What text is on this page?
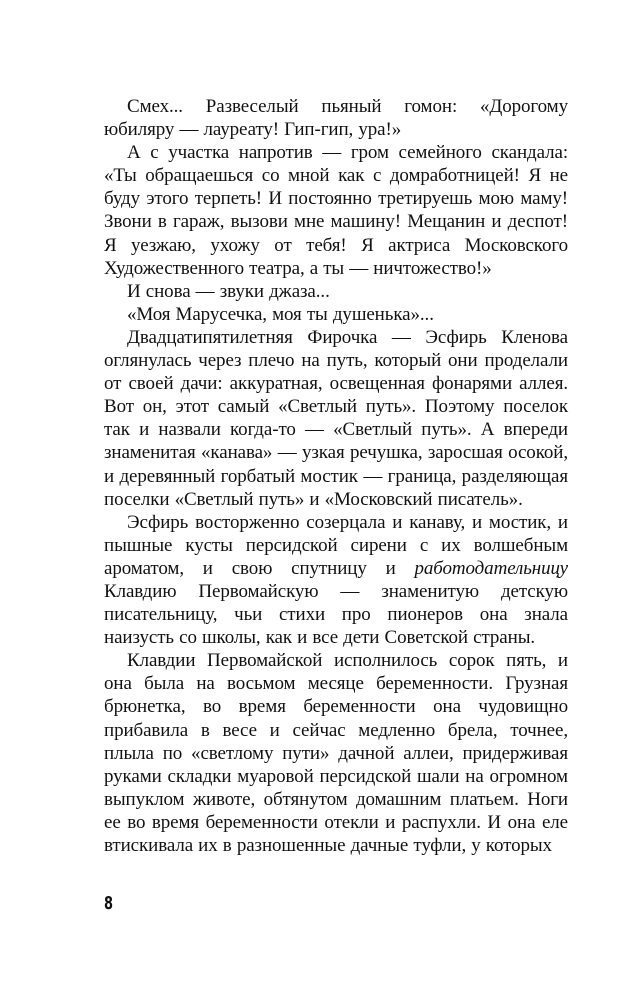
Смех... Развеселый пьяный гомон: «Дорогому юбиляру — лауреату! Гип-гип, ура!»

А с участка напротив — гром семейного скандала: «Ты обращаешься со мной как с домработницей! Я не буду этого терпеть! И постоянно третируешь мою маму! Звони в гараж, вызови мне машину! Мещанин и деспот! Я уезжаю, ухожу от тебя! Я актриса Московского Художественного театра, а ты — ничтожество!»

И снова — звуки джаза...

«Моя Марусечка, моя ты душенька»...

Двадцатипятилетняя Фирочка — Эсфирь Кленова оглянулась через плечо на путь, который они проделали от своей дачи: аккуратная, освещенная фонарями аллея. Вот он, этот самый «Светлый путь». Поэтому поселок так и назвали когда-то — «Светлый путь». А впереди знаменитая «канава» — узкая речушка, заросшая осокой, и деревянный горбатый мостик — граница, разделяющая поселки «Светлый путь» и «Московский писатель».

Эсфирь восторженно созерцала и канаву, и мостик, и пышные кусты персидской сирени с их волшебным ароматом, и свою спутницу и работодательницу Клавдию Первомайскую — знаменитую детскую писательницу, чьи стихи про пионеров она знала наизусть со школы, как и все дети Советской страны.

Клавдии Первомайской исполнилось сорок пять, и она была на восьмом месяце беременности. Грузная брюнетка, во время беременности она чудовищно прибавила в весе и сейчас медленно брела, точнее, плыла по «светлому пути» дачной аллеи, придерживая руками складки муаровой персидской шали на огромном выпуклом животе, обтянутом домашним платьем. Ноги ее во время беременности отекли и распухли. И она еле втискивала их в разношенные дачные туфли, у которых

8
